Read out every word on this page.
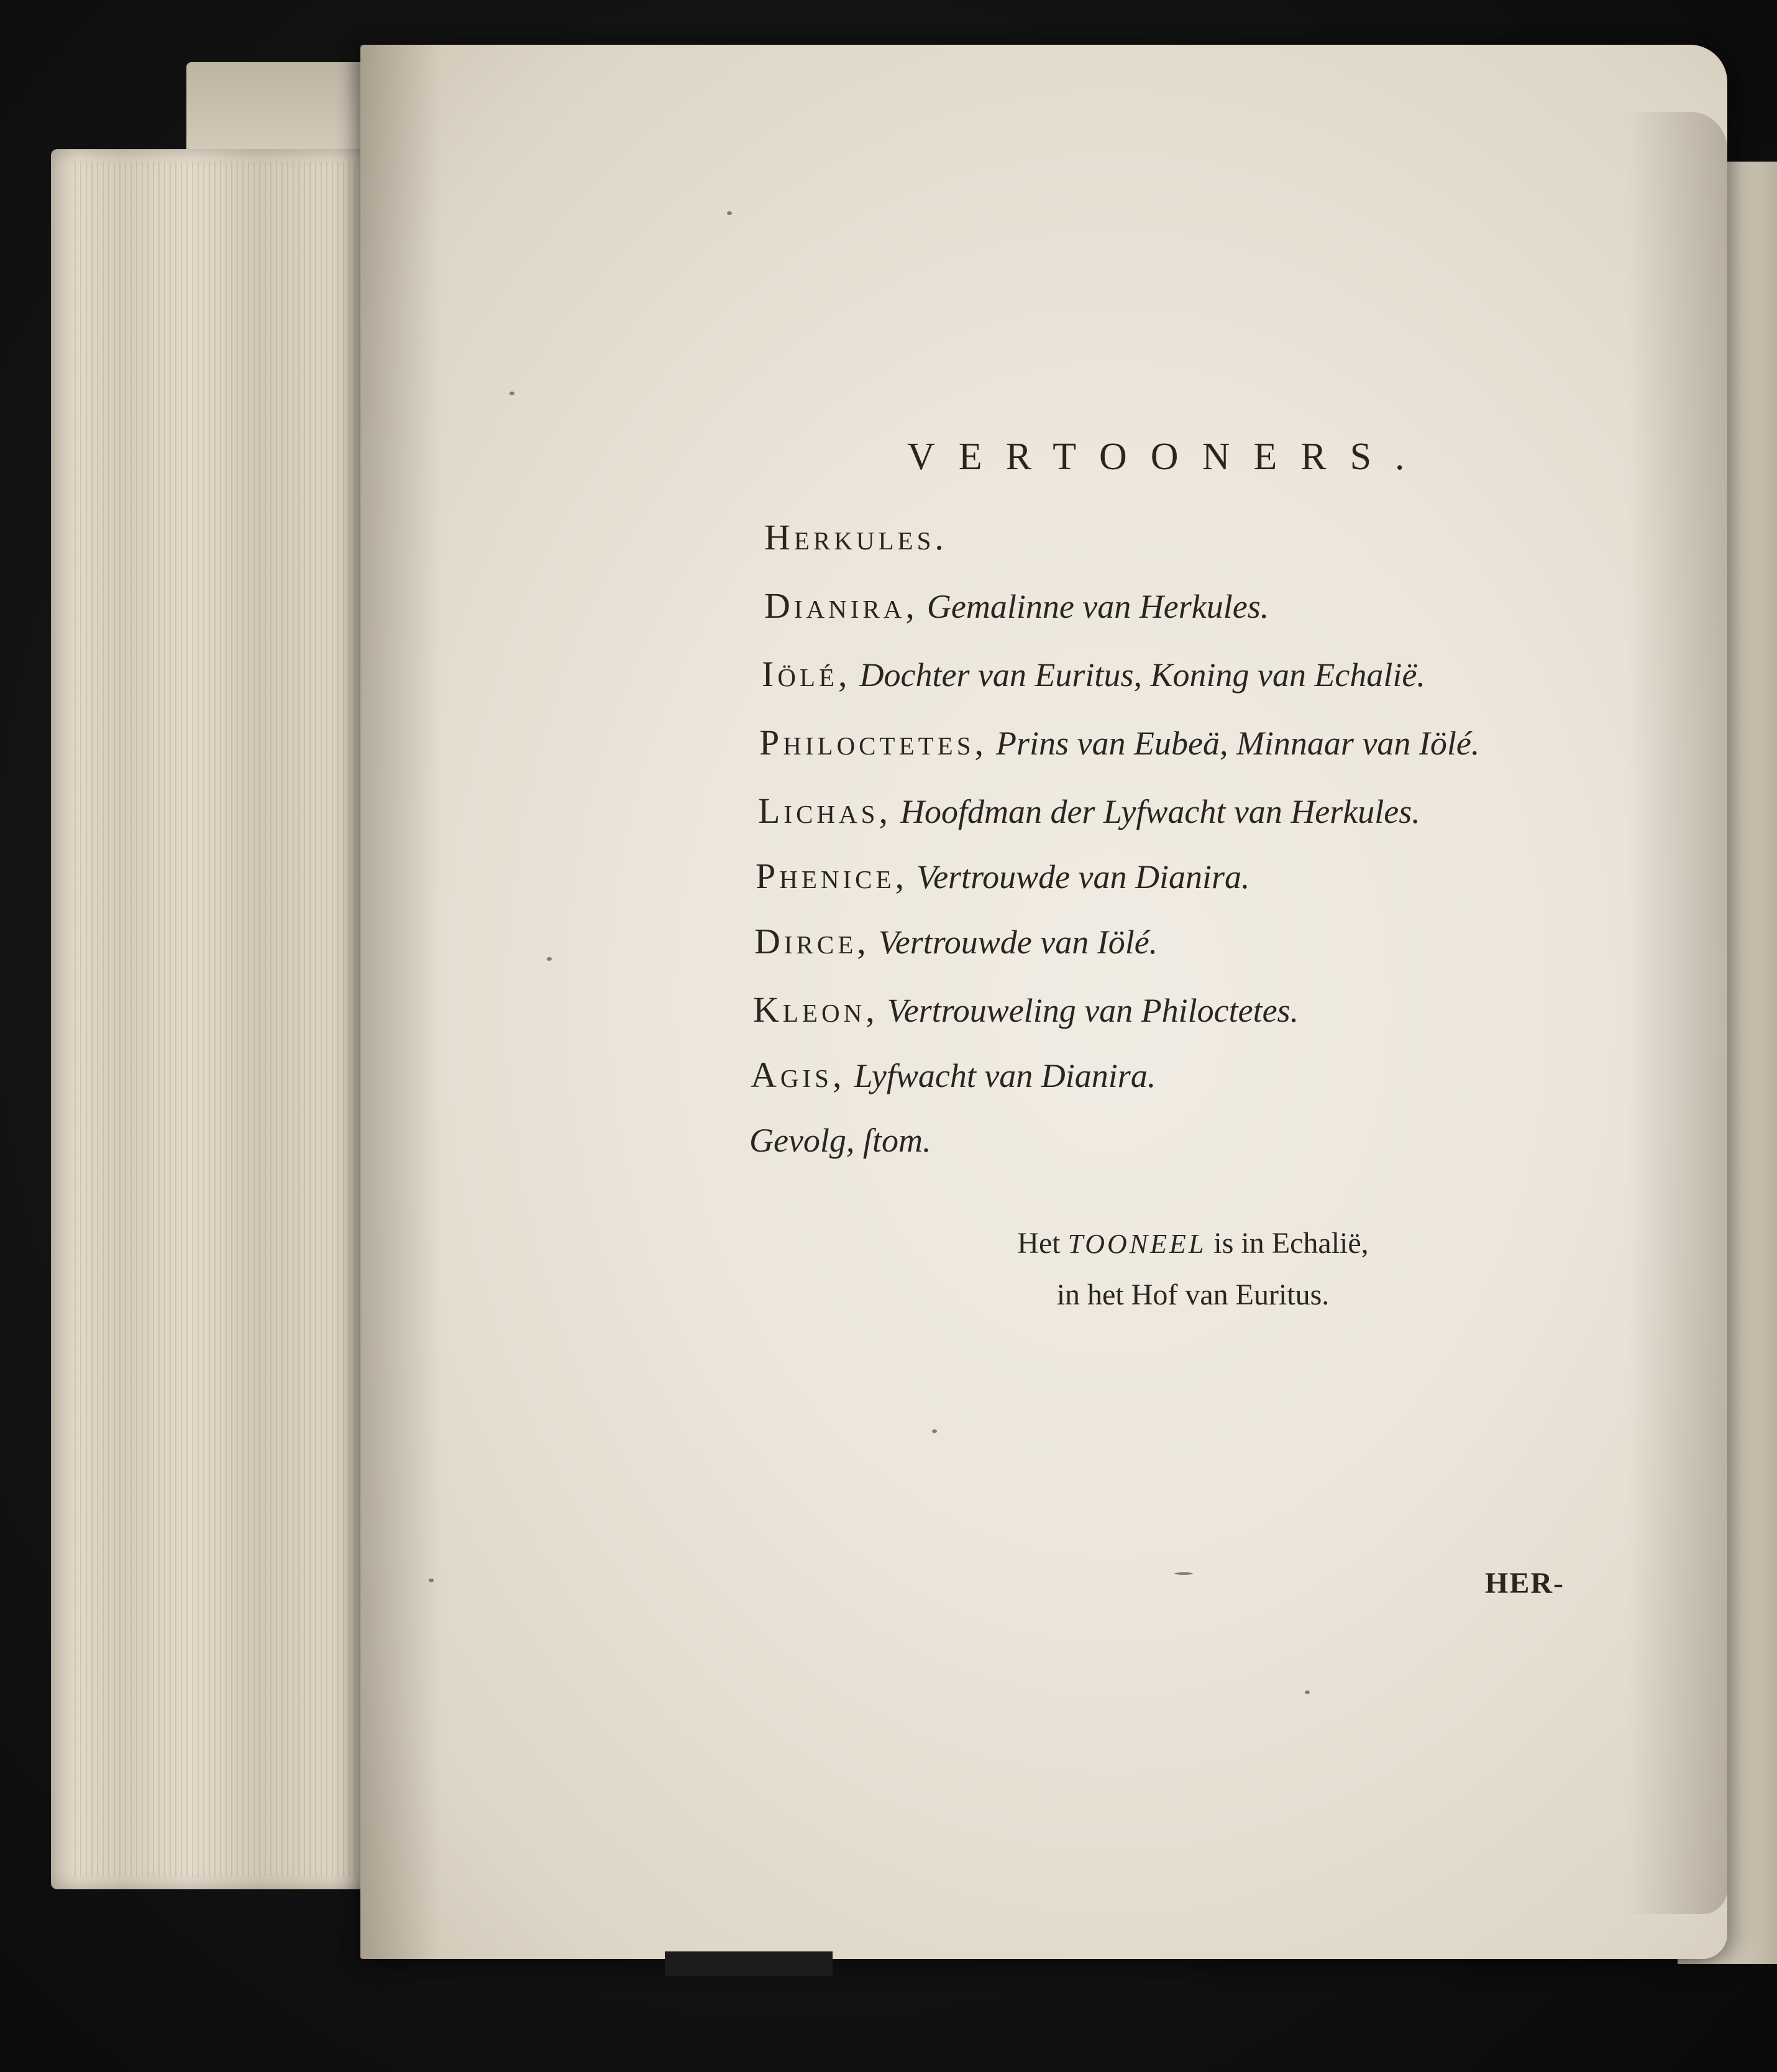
VERTOONERS.
Herkules.
Dianira, Gemalinne van Herkules.
Iölé, Dochter van Euritus, Koning van Echalië.
Philoctetes, Prins van Eubeä, Minnaar van Iölé.
Lichas, Hoofdman der Lyfwacht van Herkules.
Phenice, Vertrouwde van Dianira.
Dirce, Vertrouwde van Iölé.
Kleon, Vertrouweling van Philoctetes.
Agis, Lyfwacht van Dianira.
Gevolg, ſtom.
Het TOONEEL is in Echalië,
in het Hof van Euritus.
HER-
